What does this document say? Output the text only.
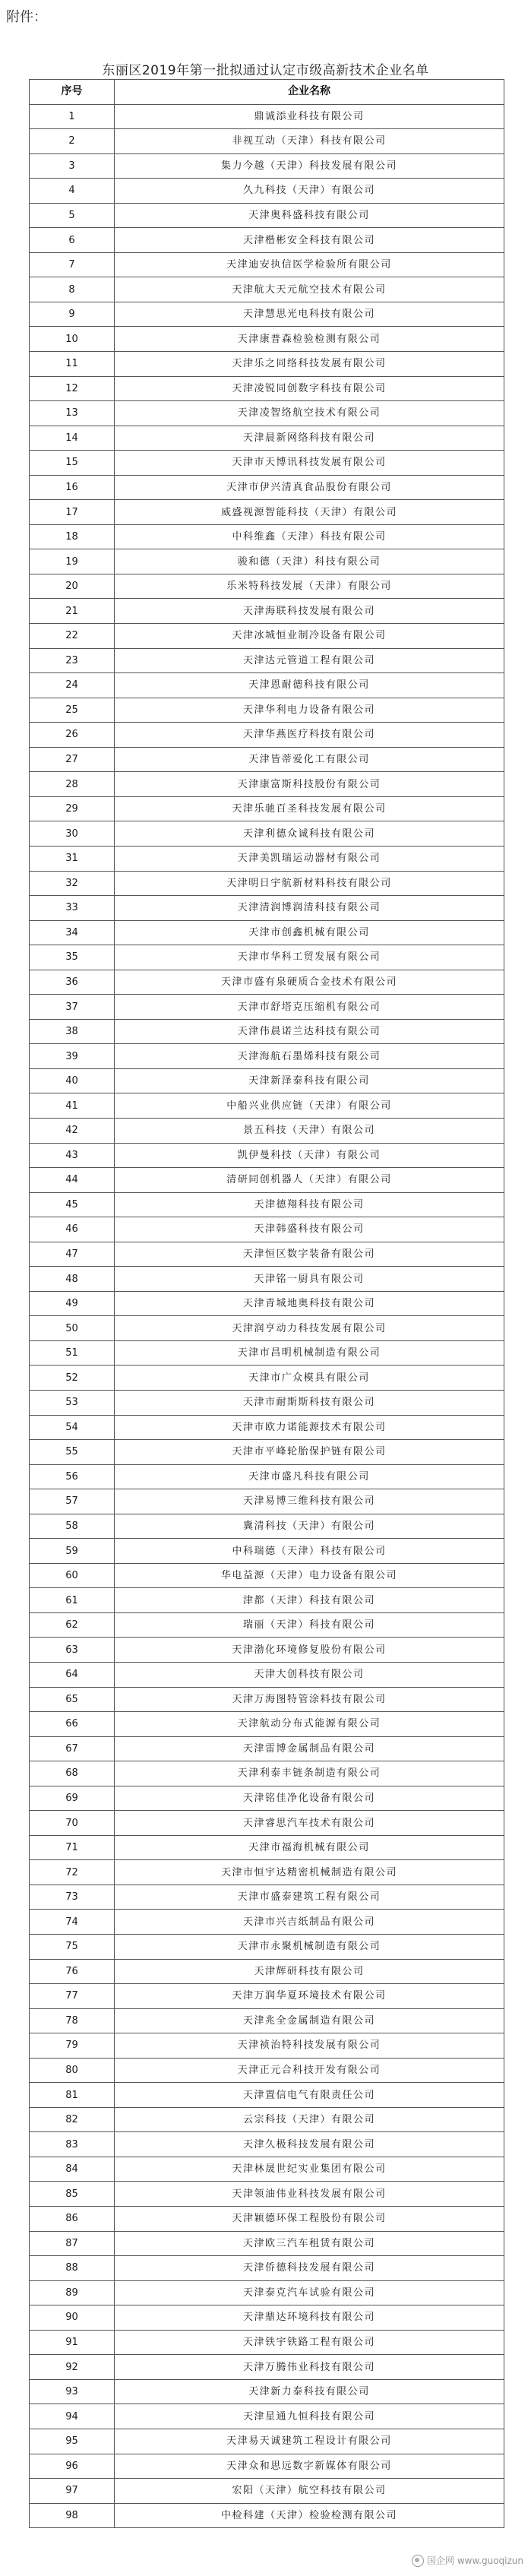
附件：
东丽区2019年第一批拟通过认定市级高新技术企业名单
序号	企业名称
1	鼎诚添业科技有限公司
2	非视互动（天津）科技有限公司
3	集力今越（天津）科技发展有限公司
4	久九科技（天津）有限公司
5	天津奥科盛科技有限公司
6	天津楷彬安全科技有限公司
7	天津迪安执信医学检验所有限公司
8	天津航大天元航空技术有限公司
9	天津慧思光电科技有限公司
10	天津康普森检验检测有限公司
11	天津乐之同络科技发展有限公司
12	天津凌锐同创数字科技有限公司
13	天津凌智络航空技术有限公司
14	天津晨新网络科技有限公司
15	天津市天博讯科技发展有限公司
16	天津市伊兴清真食品股份有限公司
17	威盛视源智能科技（天津）有限公司
18	中科维鑫（天津）科技有限公司
19	骏和德（天津）科技有限公司
20	乐米特科技发展（天津）有限公司
21	天津海联科技发展有限公司
22	天津冰城恒业制冷设备有限公司
23	天津达元管道工程有限公司
24	天津恩耐德科技有限公司
25	天津华利电力设备有限公司
26	天津华燕医疗科技有限公司
27	天津皆蒂爱化工有限公司
28	天津康富斯科技股份有限公司
29	天津乐驰百圣科技发展有限公司
30	天津利德众诚科技有限公司
31	天津美凯瑞运动器材有限公司
32	天津明日宇航新材料科技有限公司
33	天津清润博润清科技有限公司
34	天津市创鑫机械有限公司
35	天津市华科工贸发展有限公司
36	天津市盛有泉硬质合金技术有限公司
37	天津市舒塔克压缩机有限公司
38	天津伟晨诺兰达科技有限公司
39	天津海航石墨烯科技有限公司
40	天津新泽泰科技有限公司
41	中船兴业供应链（天津）有限公司
42	景五科技（天津）有限公司
43	凯伊曼科技（天津）有限公司
44	清研同创机器人（天津）有限公司
45	天津德翔科技有限公司
46	天津韩盛科技有限公司
47	天津恒区数字装备有限公司
48	天津铭一厨具有限公司
49	天津青城地奥科技有限公司
50	天津润亨动力科技发展有限公司
51	天津市昌明机械制造有限公司
52	天津市广众模具有限公司
53	天津市耐斯斯科技有限公司
54	天津市欧力诺能源技术有限公司
55	天津市平峰轮胎保护链有限公司
56	天津市盛凡科技有限公司
57	天津易博三维科技有限公司
58	冀清科技（天津）有限公司
59	中科瑞德（天津）科技有限公司
60	华电益源（天津）电力设备有限公司
61	津都（天津）科技有限公司
62	瑞丽（天津）科技有限公司
63	天津渤化环境修复股份有限公司
64	天津大创科技有限公司
65	天津万海图特管涂料技有限公司
66	天津航动分布式能源有限公司
67	天津雷博金属制品有限公司
68	天津利泰丰链条制造有限公司
69	天津铭佳净化设备有限公司
70	天津睿思汽车技术有限公司
71	天津市福海机械有限公司
72	天津市恒宇达精密机械制造有限公司
73	天津市盛泰建筑工程有限公司
74	天津市兴吉纸制品有限公司
75	天津市永聚机械制造有限公司
76	天津辉研科技有限公司
77	天津万润华夏环境技术有限公司
78	天津兆全金属制造有限公司
79	天津祯治特科技发展有限公司
80	天津正元合科技开发有限公司
81	天津置信电气有限责任公司
82	云宗科技（天津）有限公司
83	天津久极科技发展有限公司
84	天津林晟世纪实业集团有限公司
85	天津领油伟业科技发展有限公司
86	天津颖德环保工程股份有限公司
87	天津欧三汽车租赁有限公司
88	天津侨德科技发展有限公司
89	天津泰克汽车试验有限公司
90	天津鼎达环境科技有限公司
91	天津铁宇铁路工程有限公司
92	天津万腾伟业科技有限公司
93	天津新力泰科技有限公司
94	天津星通九恒科技有限公司
95	天津易天诚建筑工程设计有限公司
96	天津众和思远数字新媒体有限公司
97	宏阳（天津）航空科技有限公司
98	中检科建（天津）检验检测有限公司
国企网 www.guoqizun
